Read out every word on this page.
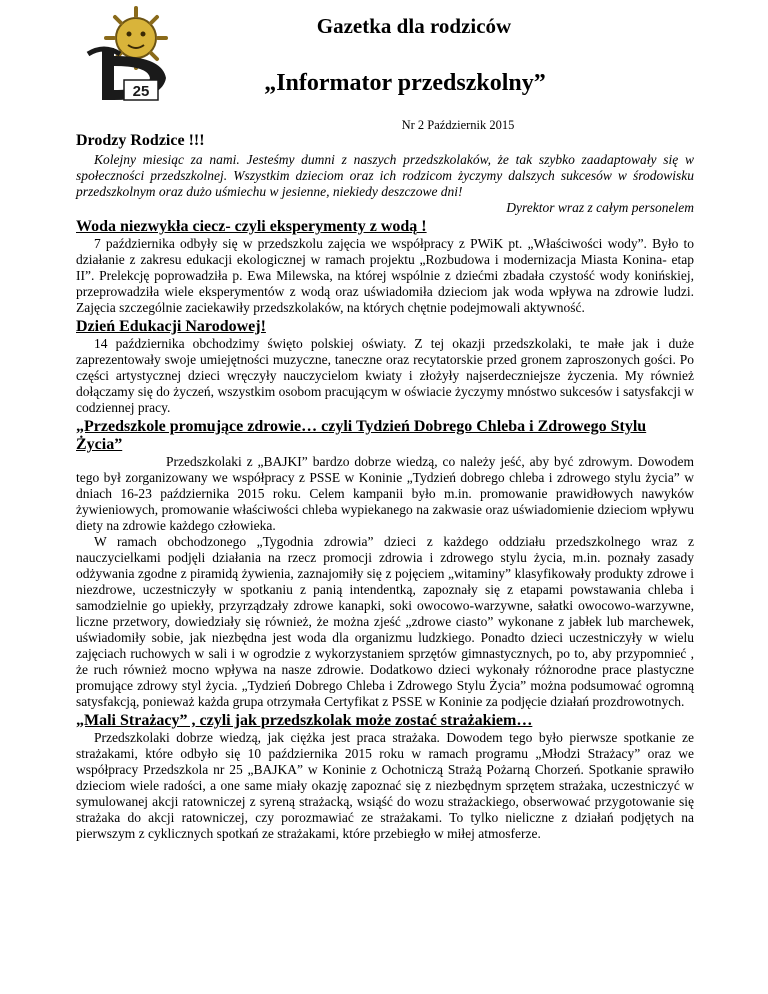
25
Gazetka dla rodziców
„Informator przedszkolny”
Nr 2 Październik 2015
Drodzy Rodzice !!!

Kolejny miesiąc za nami. Jesteśmy dumni z naszych przedszkolaków, że tak szybko zaadaptowały się w społeczności przedszkolnej. Wszystkim dzieciom oraz ich rodzicom życzymy dalszych sukcesów w środowisku przedszkolnym oraz dużo uśmiechu w jesienne, niekiedy deszczowe dni!

Dyrektor wraz z całym personelem
Woda niezwykła ciecz- czyli eksperymenty z wodą !

7 października odbyły się w przedszkolu zajęcia we współpracy z PWiK pt. „Właściwości wody”. Było to działanie z zakresu edukacji ekologicznej w ramach projektu „Rozbudowa i modernizacja Miasta Konina- etap II”. Prelekcję poprowadziła p. Ewa Milewska, na której wspólnie z dziećmi zbadała czystość wody konińskiej, przeprowadziła wiele eksperymentów z wodą oraz uświadomiła dzieciom jak woda wpływa na zdrowie ludzi. Zajęcia szczególnie zaciekawiły przedszkolaków, na których chętnie podejmowali aktywność.

Dzień Edukacji Narodowej!

14 października obchodzimy święto polskiej oświaty. Z tej okazji przedszkolaki, te małe jak i duże zaprezentowały swoje umiejętności muzyczne, taneczne oraz recytatorskie przed gronem zaproszonych gości. Po części artystycznej dzieci wręczyły nauczycielom kwiaty i złożyły najserdeczniejsze życzenia. My również dołączamy się do życzeń, wszystkim osobom pracującym w oświacie życzymy mnóstwo sukcesów i satysfakcji w codziennej pracy.

„Przedszkole promujące zdrowie… czyli Tydzień Dobrego Chleba i Zdrowego Stylu Życia”

Przedszkolaki z „BAJKI” bardzo dobrze wiedzą, co należy jeść, aby być zdrowym. Dowodem tego był zorganizowany we współpracy z PSSE w Koninie „Tydzień dobrego chleba i zdrowego stylu życia” w dniach 16-23 października 2015 roku. Celem kampanii było m.in. promowanie prawidłowych nawyków żywieniowych, promowanie właściwości chleba wypiekanego na zakwasie oraz uświadomienie dzieciom wpływu diety na zdrowie każdego człowieka.

W ramach obchodzonego „Tygodnia zdrowia” dzieci z każdego oddziału przedszkolnego wraz z nauczycielkami podjęli działania na rzecz promocji zdrowia i zdrowego stylu życia, m.in. poznały zasady odżywania zgodne z piramidą żywienia, zaznajomiły się z pojęciem „witaminy” klasyfikowały produkty zdrowe i niezdrowe, uczestniczyły w spotkaniu z panią intendentką, zapoznały się z etapami powstawania chleba i samodzielnie go upiekły, przyrządzały zdrowe kanapki, soki owocowo-warzywne, sałatki owocowo-warzywne, liczne przetwory, dowiedziały się również, że można zjeść „zdrowe ciasto” wykonane z jabłek lub marchewek, uświadomiły sobie, jak niezbędna jest woda dla organizmu ludzkiego. Ponadto dzieci uczestniczyły w wielu zajęciach ruchowych w sali i w ogrodzie z wykorzystaniem sprzętów gimnastycznych, po to, aby przypomnieć , że ruch również mocno wpływa na nasze zdrowie. Dodatkowo dzieci wykonały różnorodne prace plastyczne promujące zdrowy styl życia. „Tydzień Dobrego Chleba i Zdrowego Stylu Życia” można podsumować ogromną satysfakcją, ponieważ każda grupa otrzymała Certyfikat z PSSE w Koninie za podjęcie działań prozdrowotnych.

„Mali Strażacy” , czyli jak przedszkolak może zostać strażakiem…

Przedszkolaki dobrze wiedzą, jak ciężka jest praca strażaka. Dowodem tego było pierwsze spotkanie ze strażakami, które odbyło się 10 października 2015 roku w ramach programu „Młodzi Strażacy” oraz we współpracy Przedszkola nr 25 „BAJKA” w Koninie z Ochotniczą Strażą Pożarną Chorzeń. Spotkanie sprawiło dzieciom wiele radości, a one same miały okazję zapoznać się z niezbędnym sprzętem strażaka, uczestniczyć w symulowanej akcji ratowniczej z syreną strażacką, wsiąść do wozu strażackiego, obserwować przygotowanie się strażaka do akcji ratowniczej, czy porozmawiać ze strażakami. To tylko nieliczne z działań podjętych na pierwszym z cyklicznych spotkań ze strażakami, które przebiegło w miłej atmosferze.
